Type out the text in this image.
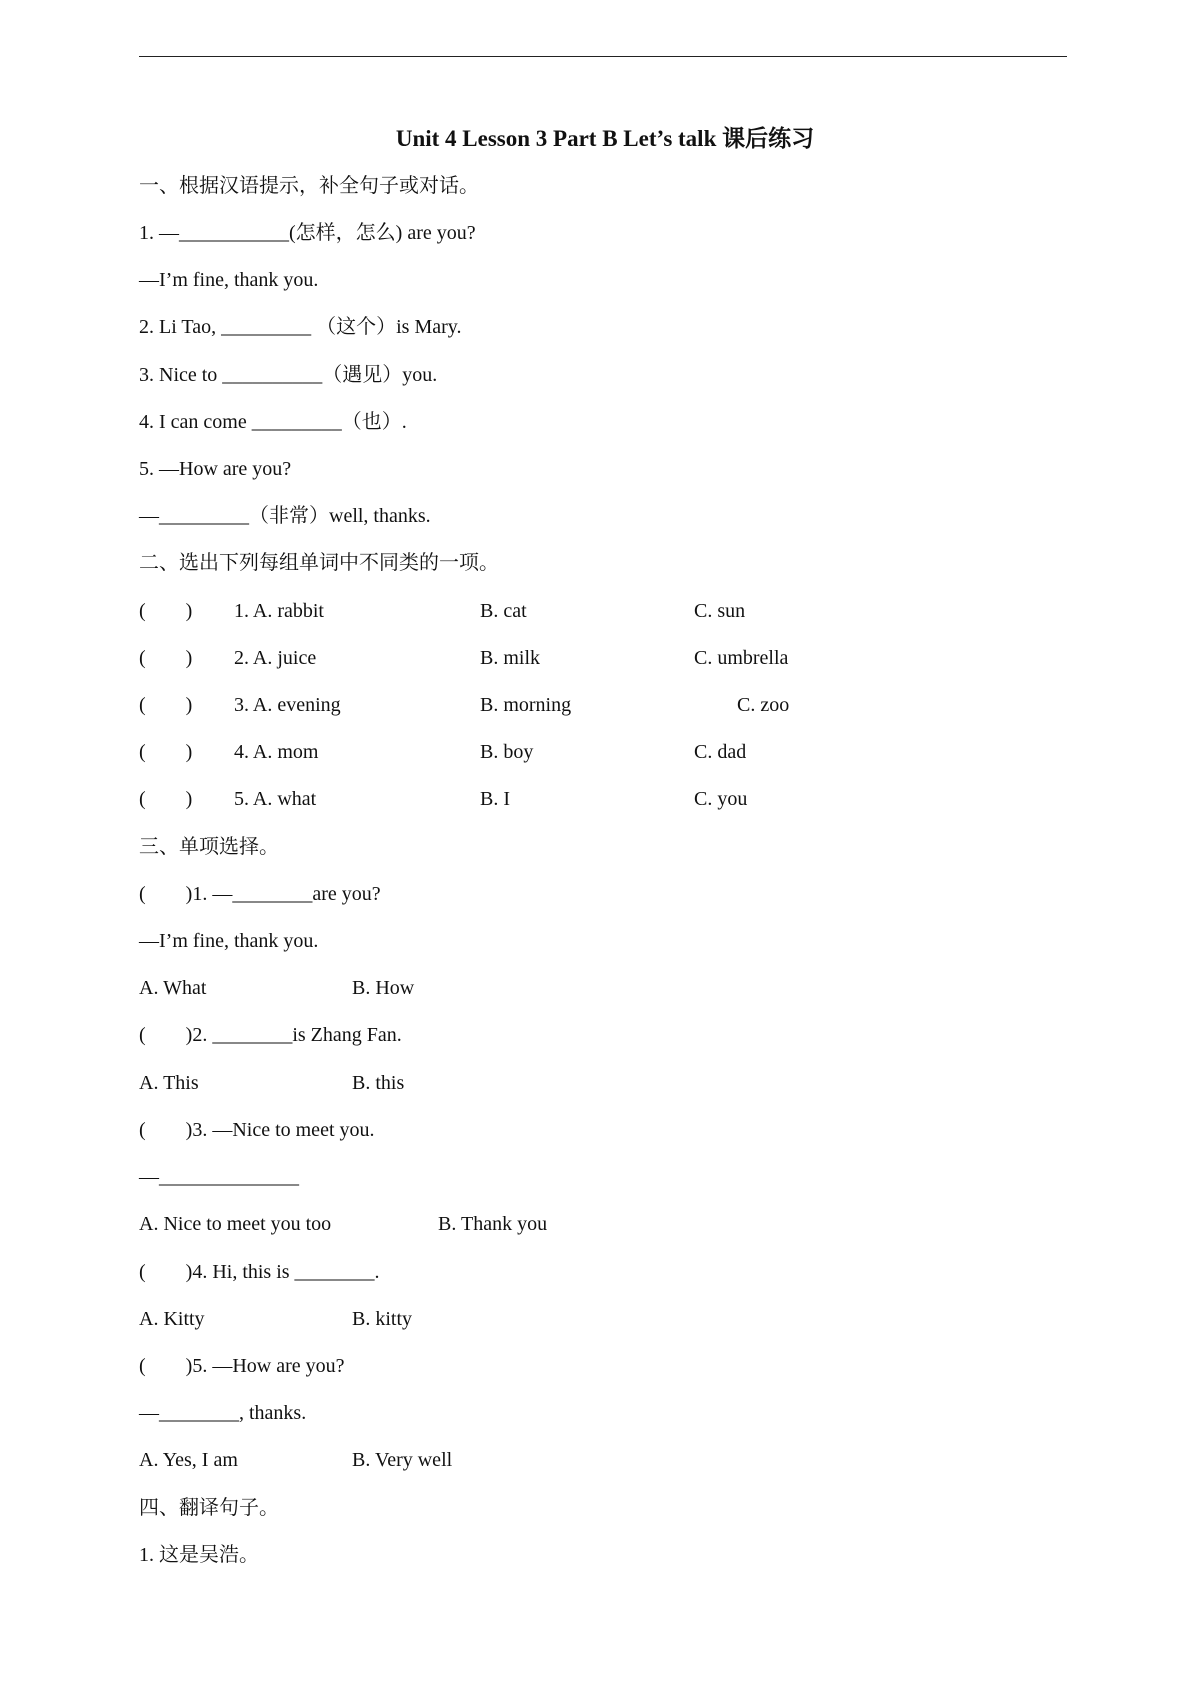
Unit 4 Lesson 3 Part B Let’s talk 课后练习
一、根据汉语提示，补全句子或对话。
1. —___________(怎样，怎么) are you?
—I’m fine, thank you.
2. Li Tao, _________ （这个）is Mary.
3. Nice to __________（遇见）you.
4. I can come _________（也）.
5. —How are you?
—_________（非常）well, thanks.
二、选出下列每组单词中不同类的一项。
(　　) 1. A. rabbit	B. cat	C. sun
(　　) 2. A. juice	B. milk	C. umbrella
(　　) 3. A. evening	B. morning	C. zoo
(　　) 4. A. mom	B. boy	C. dad
(　　) 5. A. what	B. I	C. you
三、单项选择。
(　　)1. —________are you?
—I’m fine, thank you.
A. What	B. How
(　　)2. ________is Zhang Fan.
A. This	B. this
(　　)3. —Nice to meet you.
—______________
A. Nice to meet you too	B. Thank you
(　　)4. Hi, this is ________.
A. Kitty	B. kitty
(　　)5. —How are you?
—________, thanks.
A. Yes, I am	B. Very well
四、翻译句子。
1. 这是吴浩。
